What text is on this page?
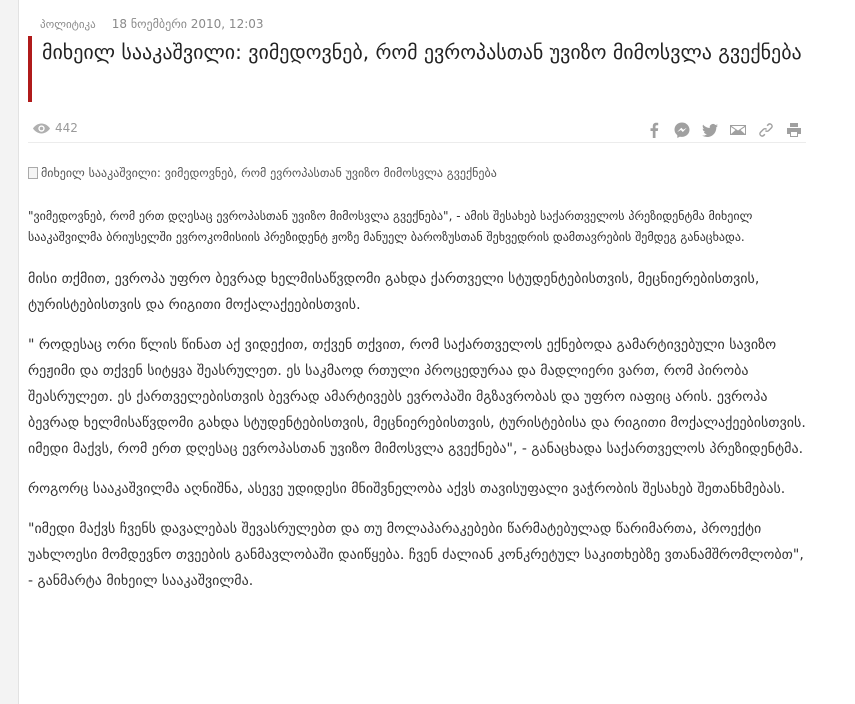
პოლიტიკა 18 ნოემბერი 2010, 12:03
მიხეილ სააკაშვილი: ვიმედოვნებ, რომ ევროპასთან უვიზო მიმოსვლა გვექნება
442
მიხეილ სააკაშვილი: ვიმედოვნებ, რომ ევროპასთან უვიზო მიმოსვლა გვექნება

"ვიმედოვნებ, რომ ერთ დღესაც ევროპასთან უვიზო მიმოსვლა გვექნება", - ამის შესახებ საქართველოს პრეზიდენტმა მიხეილ სააკაშვილმა ბრიუსელში ევროკომისიის პრეზიდენტ ჟოზე მანუელ ბაროზუსთან შეხვედრის დამთავრების შემდეგ განაცხადა.

მისი თქმით, ევროპა უფრო ბევრად ხელმისაწვდომი გახდა ქართველი სტუდენტებისთვის, მეცნიერებისთვის, ტურისტებისთვის და რიგითი მოქალაქეებისთვის.

" როდესაც ორი წლის წინათ აქ ვიდექით, თქვენ თქვით, რომ საქართველოს ექნებოდა გამარტივებული სავიზო რეჟიმი და თქვენ სიტყვა შეასრულეთ. ეს საკმაოდ რთული პროცედურაა და მადლიერი ვართ, რომ პირობა შეასრულეთ. ეს ქართველებისთვის ბევრად ამარტივებს ევროპაში მგზავრობას და უფრო იაფიც არის. ევროპა ბევრად ხელმისაწვდომი გახდა სტუდენტებისთვის, მეცნიერებისთვის, ტურისტებისა და რიგითი მოქალაქეებისთვის. იმედი მაქვს, რომ ერთ დღესაც ევროპასთან უვიზო მიმოსვლა გვექნება", - განაცხადა საქართველოს პრეზიდენტმა.

როგორც სააკაშვილმა აღნიშნა, ასევე უდიდესი მნიშვნელობა აქვს თავისუფალი ვაჭრობის შესახებ შეთანხმებას.

"იმედი მაქვს ჩვენს დავალებას შევასრულებთ და თუ მოლაპარაკებები წარმატებულად წარიმართა, პროექტი უახლოესი მომდევნო თვეების განმავლობაში დაიწყება. ჩვენ ძალიან კონკრეტულ საკითხებზე ვთანამშრომლობთ", - განმარტა მიხეილ სააკაშვილმა.
